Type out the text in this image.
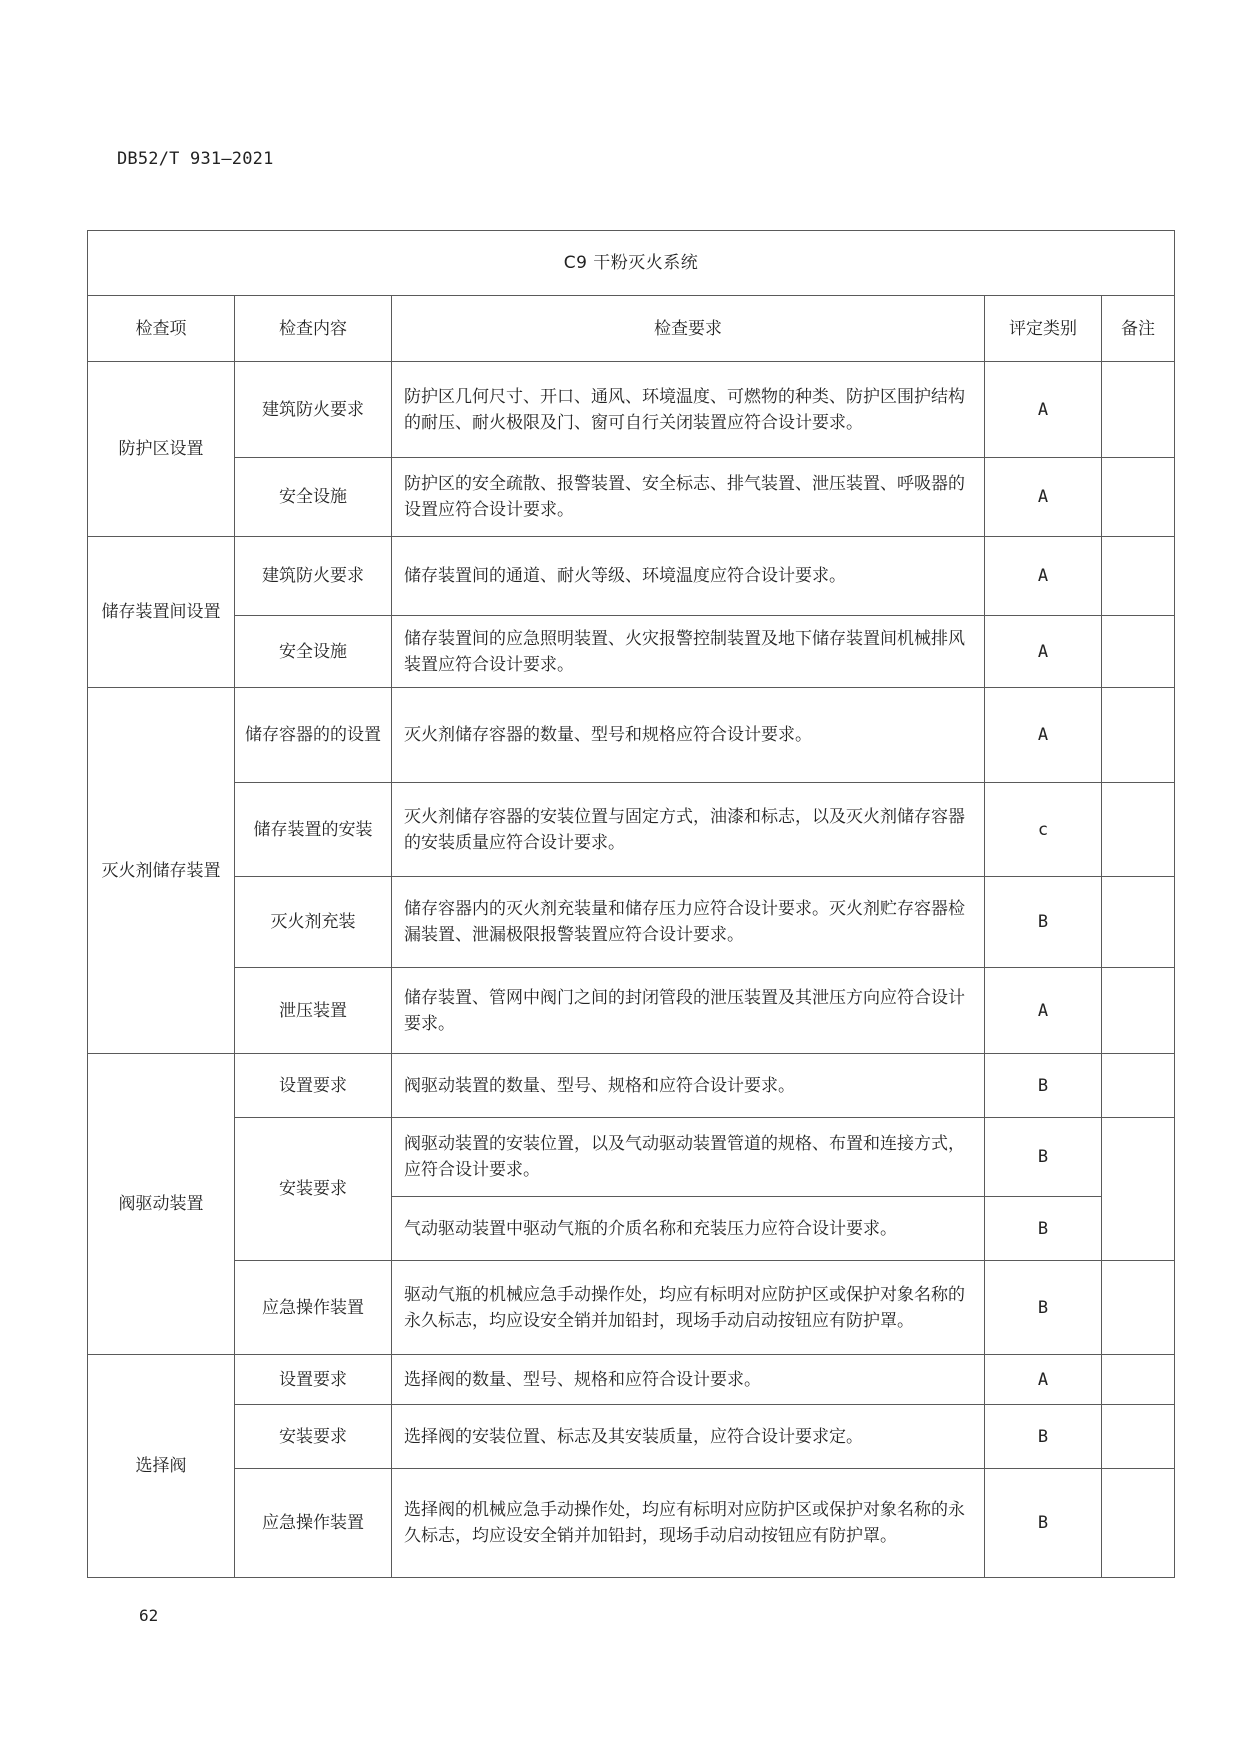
DB52/T 931—2021
C9 干粉灭火系统				
检查项	检查内容	检查要求	评定类别	备注
防护区设置	建筑防火要求	防护区几何尺寸、开口、通风、环境温度、可燃物的种类、防护区围护结构的耐压、耐火极限及门、窗可自行关闭装置应符合设计要求。	A	
	安全设施	防护区的安全疏散、报警装置、安全标志、排气装置、泄压装置、呼吸器的设置应符合设计要求。	A	
储存装置间设置	建筑防火要求	储存装置间的通道、耐火等级、环境温度应符合设计要求。	A	
	安全设施	储存装置间的应急照明装置、火灾报警控制装置及地下储存装置间机械排风装置应符合设计要求。	A	
灭火剂储存装置	储存容器的的设置	灭火剂储存容器的数量、型号和规格应符合设计要求。	A	
	储存装置的安装	灭火剂储存容器的安装位置与固定方式，油漆和标志，以及灭火剂储存容器的安装质量应符合设计要求。	c	
	灭火剂充装	储存容器内的灭火剂充装量和储存压力应符合设计要求。灭火剂贮存容器检漏装置、泄漏极限报警装置应符合设计要求。	B	
	泄压装置	储存装置、管网中阀门之间的封闭管段的泄压装置及其泄压方向应符合设计要求。	A	
阀驱动装置	设置要求	阀驱动装置的数量、型号、规格和应符合设计要求。	B	
	安装要求	阀驱动装置的安装位置，以及气动驱动装置管道的规格、布置和连接方式，应符合设计要求。	B	
		气动驱动装置中驱动气瓶的介质名称和充装压力应符合设计要求。	B	
	应急操作装置	驱动气瓶的机械应急手动操作处，均应有标明对应防护区或保护对象名称的永久标志，均应设安全销并加铅封，现场手动启动按钮应有防护罩。	B	
选择阀	设置要求	选择阀的数量、型号、规格和应符合设计要求。	A	
	安装要求	选择阀的安装位置、标志及其安装质量，应符合设计要求定。	B	
	应急操作装置	选择阀的机械应急手动操作处，均应有标明对应防护区或保护对象名称的永久标志，均应设安全销并加铅封，现场手动启动按钮应有防护罩。	B	
62
